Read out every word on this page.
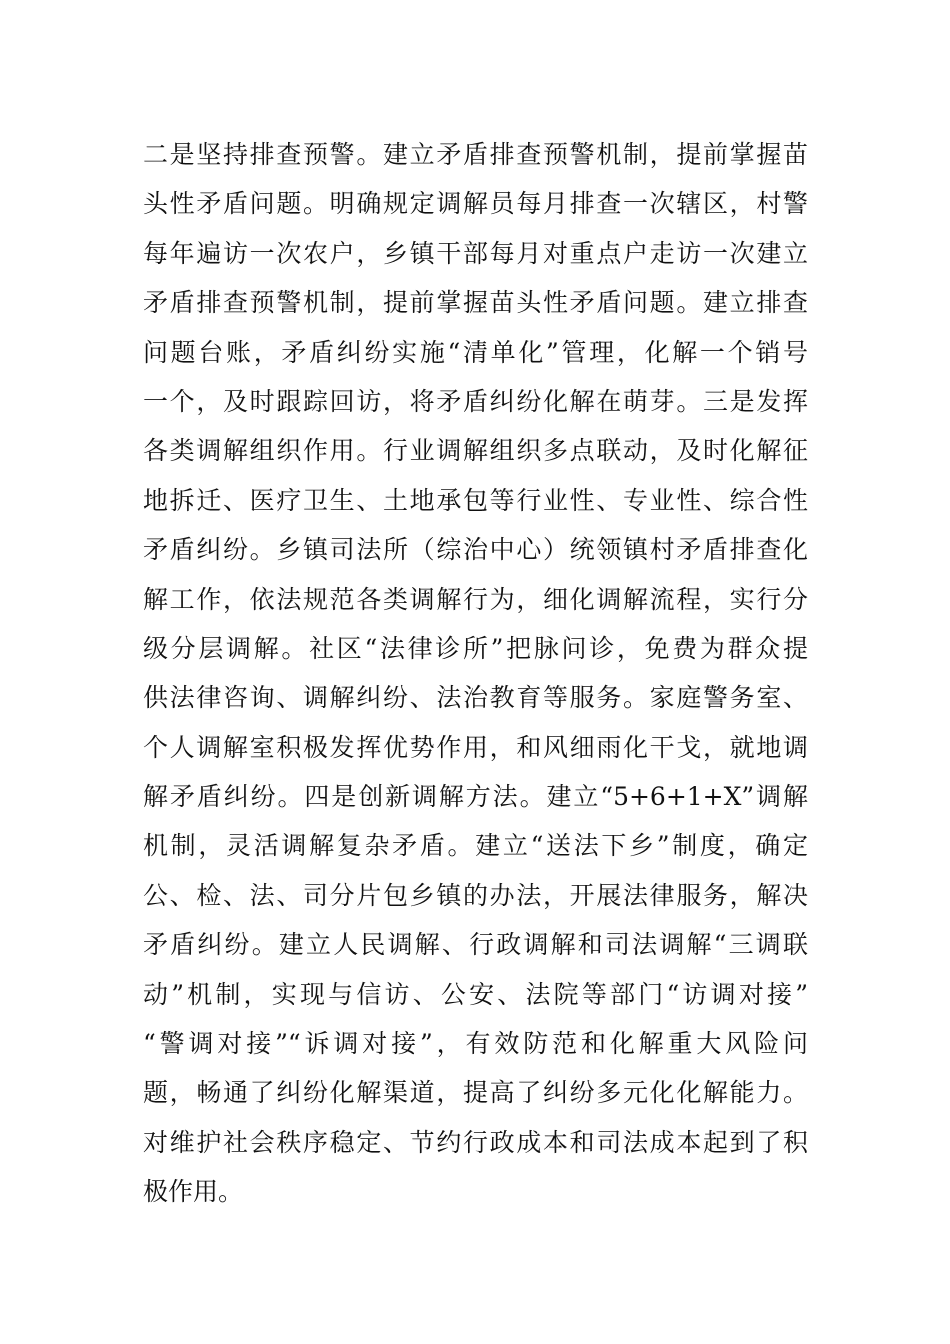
二是坚持排查预警。建立矛盾排查预警机制，提前掌握苗
头性矛盾问题。明确规定调解员每月排查一次辖区，村警
每年遍访一次农户，乡镇干部每月对重点户走访一次建立
矛盾排查预警机制，提前掌握苗头性矛盾问题。建立排查
问题台账，矛盾纠纷实施“清单化”管理，化解一个销号
一个，及时跟踪回访，将矛盾纠纷化解在萌芽。三是发挥
各类调解组织作用。行业调解组织多点联动，及时化解征
地拆迁、医疗卫生、土地承包等行业性、专业性、综合性
矛盾纠纷。乡镇司法所（综治中心）统领镇村矛盾排查化
解工作，依法规范各类调解行为，细化调解流程，实行分
级分层调解。社区“法律诊所”把脉问诊，免费为群众提
供法律咨询、调解纠纷、法治教育等服务。家庭警务室、
个人调解室积极发挥优势作用，和风细雨化干戈，就地调
解矛盾纠纷。四是创新调解方法。建立“5+6+1+X”调解
机制，灵活调解复杂矛盾。建立“送法下乡”制度，确定
公、检、法、司分片包乡镇的办法，开展法律服务，解决
矛盾纠纷。建立人民调解、行政调解和司法调解“三调联
动”机制，实现与信访、公安、法院等部门“访调对接”
“警调对接”“诉调对接”，有效防范和化解重大风险问
题，畅通了纠纷化解渠道，提高了纠纷多元化化解能力。
对维护社会秩序稳定、节约行政成本和司法成本起到了积
极作用。
